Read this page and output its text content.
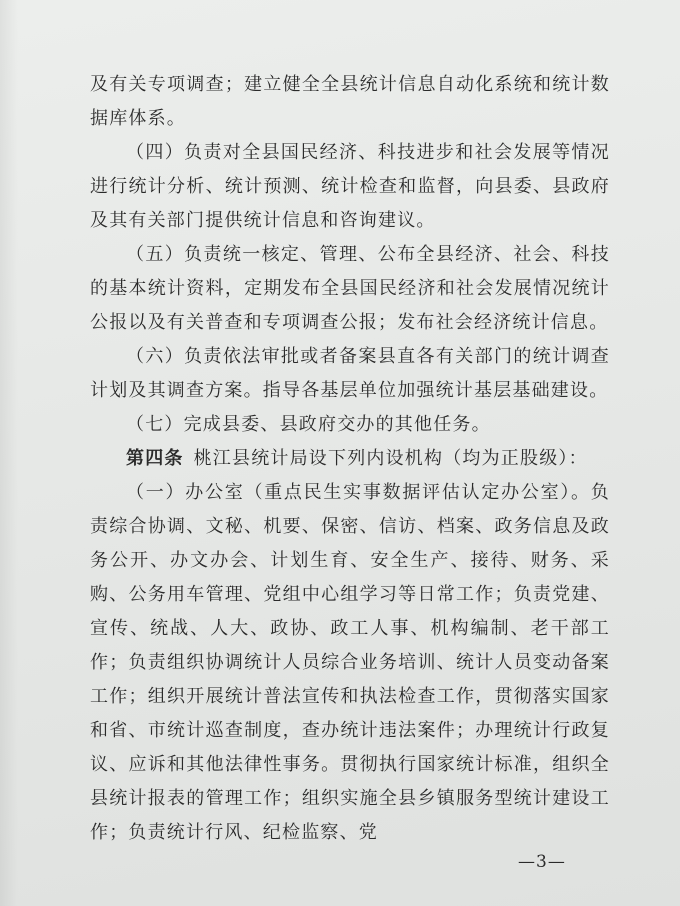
及有关专项调查；建立健全全县统计信息自动化系统和统计数据库体系。

（四）负责对全县国民经济、科技进步和社会发展等情况进行统计分析、统计预测、统计检查和监督，向县委、县政府及其有关部门提供统计信息和咨询建议。

（五）负责统一核定、管理、公布全县经济、社会、科技的基本统计资料，定期发布全县国民经济和社会发展情况统计公报以及有关普查和专项调查公报；发布社会经济统计信息。

（六）负责依法审批或者备案县直各有关部门的统计调查计划及其调查方案。指导各基层单位加强统计基层基础建设。

（七）完成县委、县政府交办的其他任务。

第四条 桃江县统计局设下列内设机构（均为正股级）：

（一）办公室（重点民生实事数据评估认定办公室）。负责综合协调、文秘、机要、保密、信访、档案、政务信息及政务公开、办文办会、计划生育、安全生产、接待、财务、采购、公务用车管理、党组中心组学习等日常工作；负责党建、宣传、统战、人大、政协、政工人事、机构编制、老干部工作；负责组织协调统计人员综合业务培训、统计人员变动备案工作；组织开展统计普法宣传和执法检查工作，贯彻落实国家和省、市统计巡查制度，查办统计违法案件；办理统计行政复议、应诉和其他法律性事务。贯彻执行国家统计标准，组织全县统计报表的管理工作；组织实施全县乡镇服务型统计建设工作；负责统计行风、纪检监察、党

—3—
